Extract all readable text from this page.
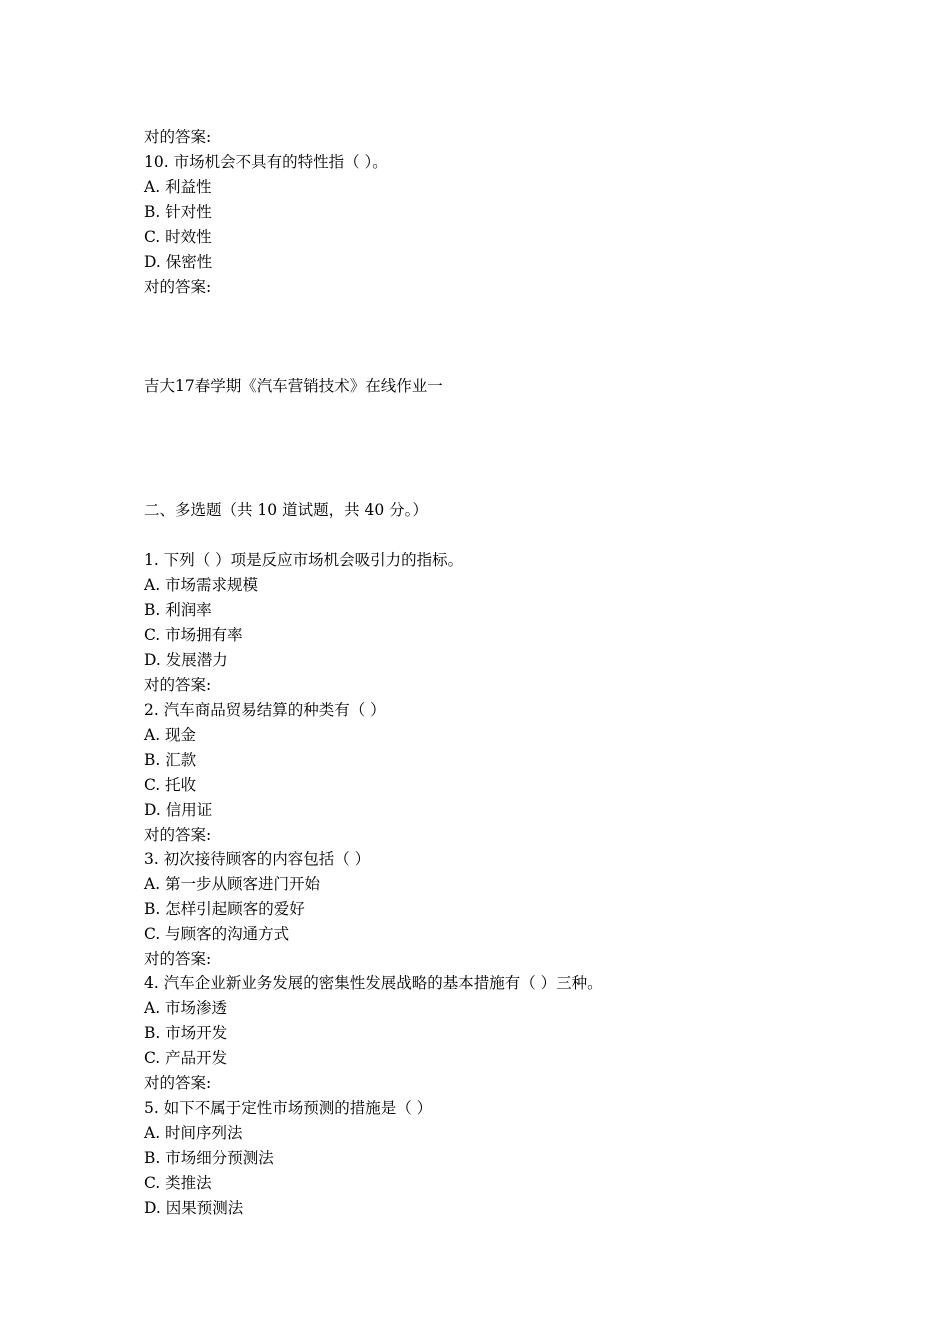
对的答案:
10. 市场机会不具有的特性指（ ）。
A. 利益性
B. 针对性
C. 时效性
D. 保密性
对的答案:
吉大17春学期《汽车营销技术》在线作业一
二、多选题（共 10 道试题，共 40 分。）
1. 下列（ ）项是反应市场机会吸引力的指标。
A. 市场需求规模
B. 利润率
C. 市场拥有率
D. 发展潜力
对的答案:
2. 汽车商品贸易结算的种类有（ ）
A. 现金
B. 汇款
C. 托收
D. 信用证
对的答案:
3. 初次接待顾客的内容包括（ ）
A. 第一步从顾客进门开始
B. 怎样引起顾客的爱好
C. 与顾客的沟通方式
对的答案:
4. 汽车企业新业务发展的密集性发展战略的基本措施有（ ）三种。
A. 市场渗透
B. 市场开发
C. 产品开发
对的答案:
5. 如下不属于定性市场预测的措施是（ ）
A. 时间序列法
B. 市场细分预测法
C. 类推法
D. 因果预测法
